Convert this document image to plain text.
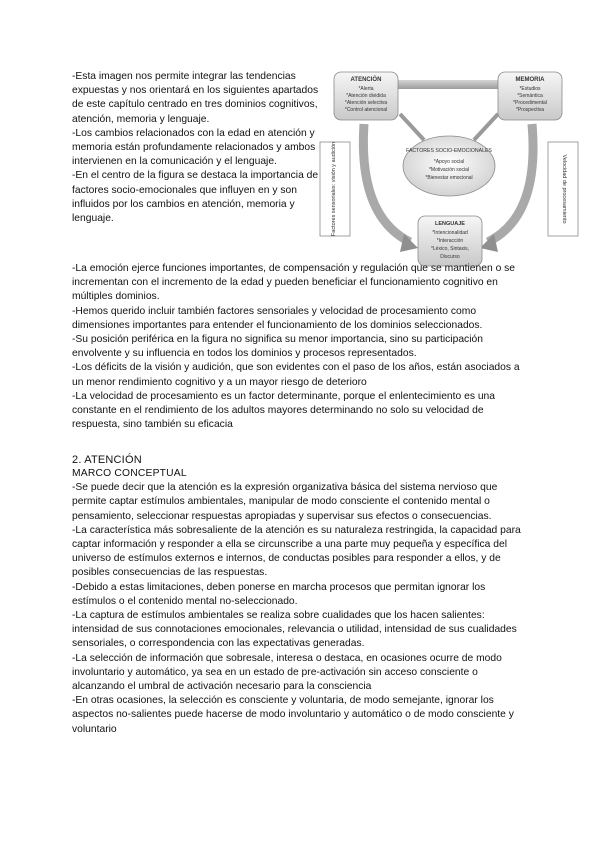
-Esta imagen nos permite integrar las tendencias expuestas y nos orientará en los siguientes apartados de este capítulo centrado en tres dominios cognitivos, atención, memoria y lenguaje.
-Los cambios relacionados con la edad en atención y memoria están profundamente relacionados y ambos intervienen en la comunicación y el lenguaje.
-En el centro de la figura se destaca la importancia de factores socio-emocionales que influyen en y son influidos por los cambios en atención, memoria y lenguaje.
ATENCIÓN
*Alerta
*Atención dividida
*Atención selectiva
*Control atencional
MEMORIA
*Estudios
*Semántica
*Procedimental
*Prospectiva
FACTORES SOCIO-EMOCIONALES
*Apoyo social
*Motivación social
*Bienestar emocional
LENGUAJE
*Intencionalidad
*Interacción
*Léxico, Sintaxis,
Discurso
Factores sensoriales: visión y audición	Velocidad de procesamiento
-La emoción ejerce funciones importantes, de compensación y regulación que se mantienen o se incrementan con el incremento de la edad y pueden beneficiar el funcionamiento cognitivo en múltiples dominios.
-Hemos querido incluir también factores sensoriales y velocidad de procesamiento como dimensiones importantes para entender el funcionamiento de los dominios seleccionados.
-Su posición periférica en la figura no significa su menor importancia, sino su participación envolvente y su influencia en todos los dominios y procesos representados.
-Los déficits de la visión y audición, que son evidentes con el paso de los años, están asociados a un menor rendimiento cognitivo y a un mayor riesgo de deterioro
-La velocidad de procesamiento es un factor determinante, porque el enlentecimiento es una constante en el rendimiento de los adultos mayores determinando no solo su velocidad de respuesta, sino también su eficacia
2. ATENCIÓN
MARCO CONCEPTUAL
-Se puede decir que la atención es la expresión organizativa básica del sistema nervioso que permite captar estímulos ambientales, manipular de modo consciente el contenido mental o pensamiento, seleccionar respuestas apropiadas y supervisar sus efectos o consecuencias.
-La característica más sobresaliente de la atención es su naturaleza restringida, la capacidad para captar información y responder a ella se circunscribe a una parte muy pequeña y específica del universo de estímulos externos e internos, de conductas posibles para responder a ellos, y de posibles consecuencias de las respuestas.
-Debido a estas limitaciones, deben ponerse en marcha procesos que permitan ignorar los estímulos o el contenido mental no-seleccionado.
-La captura de estímulos ambientales se realiza sobre cualidades que los hacen salientes: intensidad de sus connotaciones emocionales, relevancia o utilidad, intensidad de sus cualidades sensoriales, o correspondencia con las expectativas generadas.
-La selección de información que sobresale, interesa o destaca, en ocasiones ocurre de modo involuntario y automático, ya sea en un estado de pre-activación sin acceso consciente o alcanzando el umbral de activación necesario para la consciencia
-En otras ocasiones, la selección es consciente y voluntaria, de modo semejante, ignorar los aspectos no-salientes puede hacerse de modo involuntario y automático o de modo consciente y voluntario
